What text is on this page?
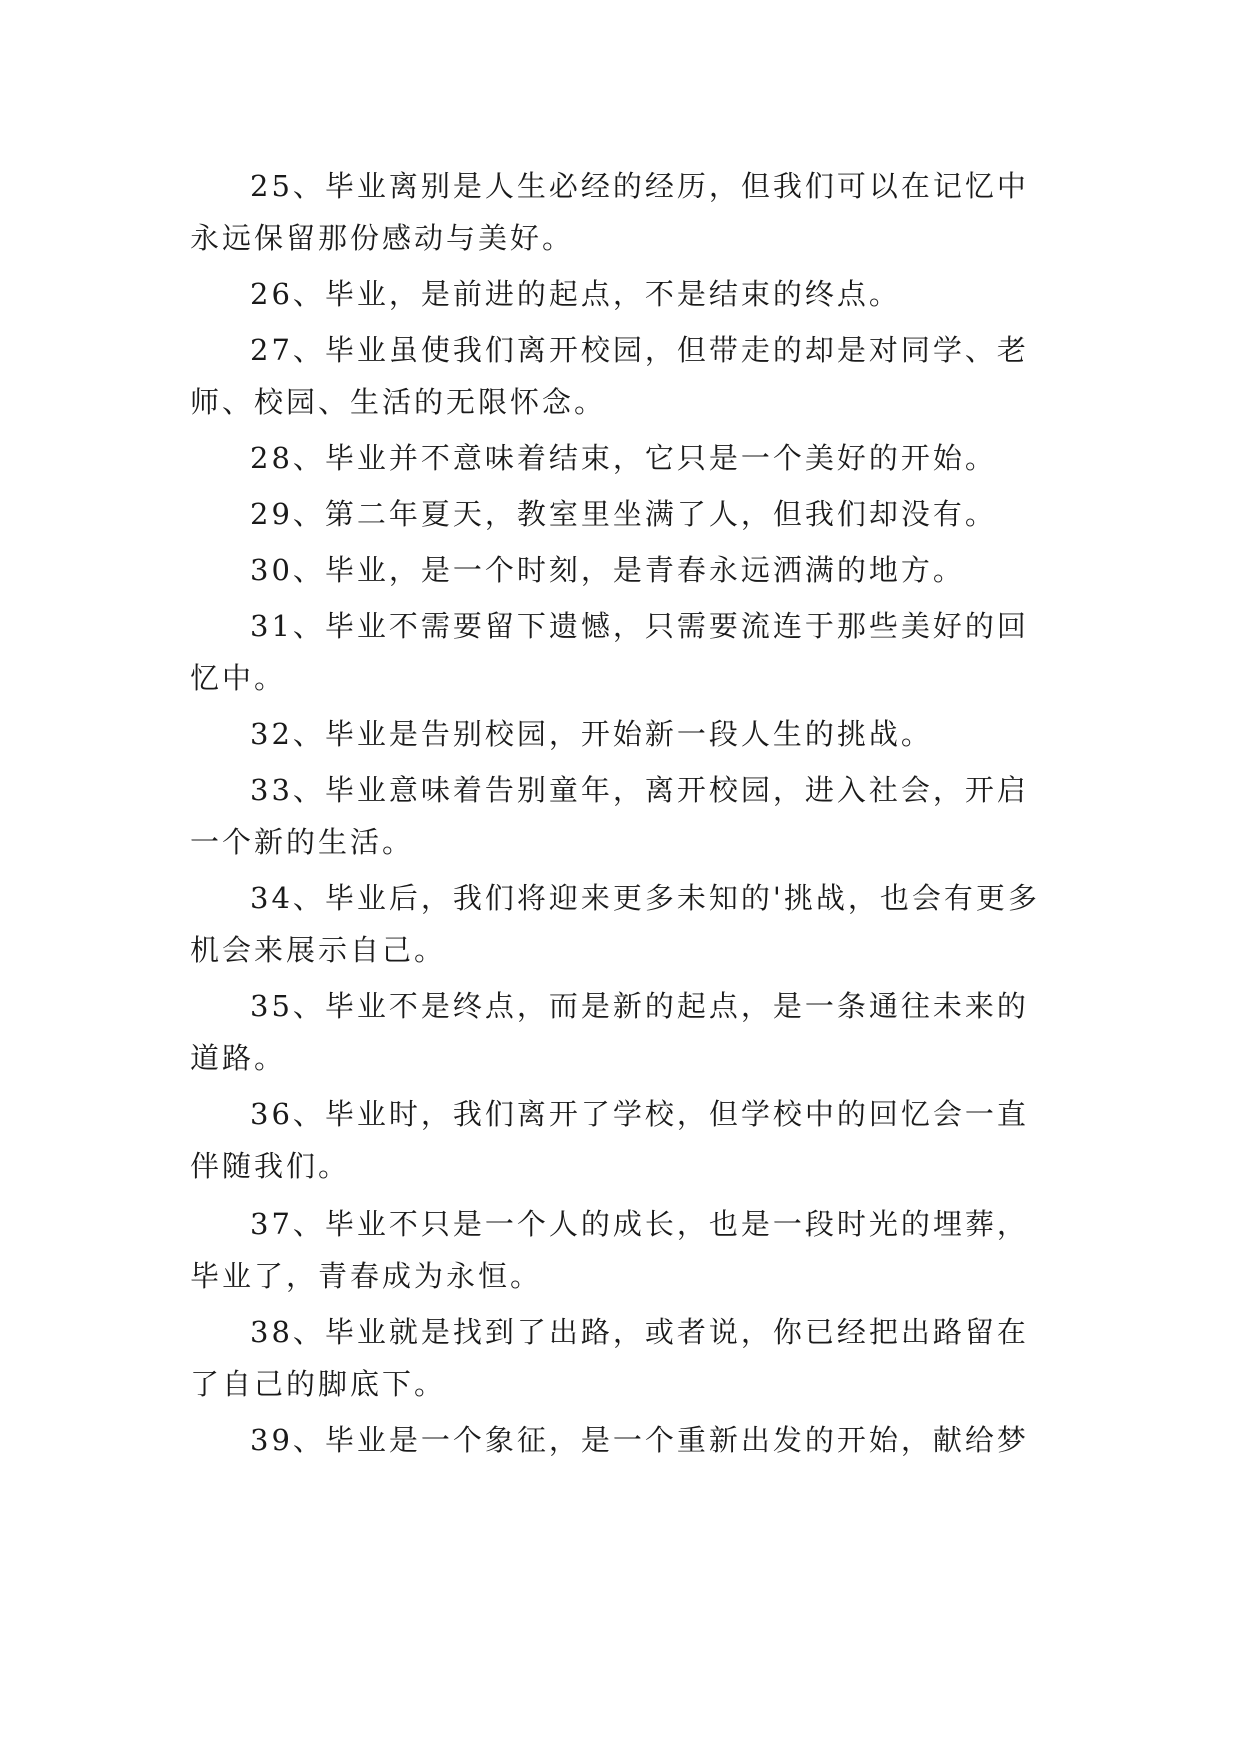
25、毕业离别是人生必经的经历，但我们可以在记忆中永远保留那份感动与美好。

26、毕业，是前进的起点，不是结束的终点。

27、毕业虽使我们离开校园，但带走的却是对同学、老师、校园、生活的无限怀念。

28、毕业并不意味着结束，它只是一个美好的开始。

29、第二年夏天，教室里坐满了人，但我们却没有。

30、毕业，是一个时刻，是青春永远洒满的地方。

31、毕业不需要留下遗憾，只需要流连于那些美好的回忆中。

32、毕业是告别校园，开始新一段人生的挑战。

33、毕业意味着告别童年，离开校园，进入社会，开启一个新的生活。

34、毕业后，我们将迎来更多未知的'挑战，也会有更多机会来展示自己。

35、毕业不是终点，而是新的起点，是一条通往未来的道路。

36、毕业时，我们离开了学校，但学校中的回忆会一直伴随我们。

37、毕业不只是一个人的成长，也是一段时光的埋葬，毕业了，青春成为永恒。

38、毕业就是找到了出路，或者说，你已经把出路留在了自己的脚底下。

39、毕业是一个象征，是一个重新出发的开始，献给梦
